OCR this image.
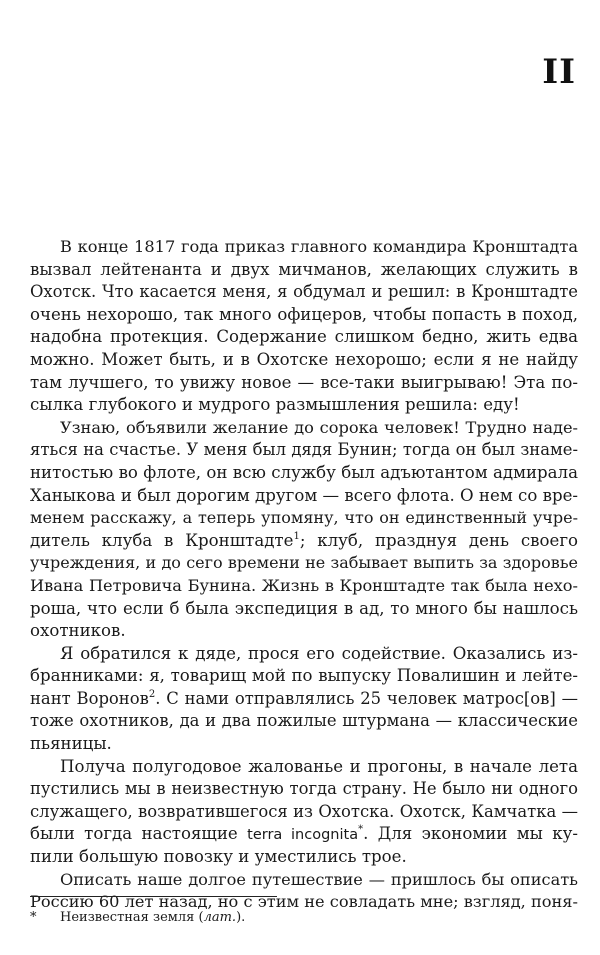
II
В конце 1817 года приказ главного командира Кронштадта
вызвал лейтенанта и двух мичманов, желающих служить в
Охотск. Что касается меня, я обдумал и решил: в Кронштадте
очень нехорошо, так много офицеров, чтобы попасть в поход,
надобна протекция. Содержание слишком бедно, жить едва
можно. Может быть, и в Охотске нехорошо; если я не найду
там лучшего, то увижу новое — все-таки выигрываю! Эта по-
сылка глубокого и мудрого размышления решила: еду!
Узнаю, объявили желание до сорока человек! Трудно наде-
яться на счастье. У меня был дядя Бунин; тогда он был знаме-
нитостью во флоте, он всю службу был адъютантом адмирала
Ханыкова и был дорогим другом — всего флота. О нем со вре-
менем расскажу, а теперь упомяну, что он единственный учре-
дитель клуба в Кронштадте$^1$; клуб, празднуя день своего
учреждения, и до сего времени не забывает выпить за здоровье
Ивана Петровича Бунина. Жизнь в Кронштадте так была нехо-
роша, что если б была экспедиция в ад, то много бы нашлось
охотников.
Я обратился к дяде, прося его содействие. Оказались из-
бранниками: я, товарищ мой по выпуску Повалишин и лейте-
нант Воронов$^2$. С нами отправлялись 25 человек матрос[ов] —
тоже охотников, да и два пожилые штурмана — классические
пьяницы.
Получа полугодовое жалованье и прогоны, в начале лета
пустились мы в неизвестную тогда страну. Не было ни одного
служащего, возвратившегося из Охотска. Охотск, Камчатка —
были тогда настоящие terra incognita*. Для экономии мы ку-
пили большую повозку и уместились трое.
Описать наше долгое путешествие — пришлось бы описать
Россию 60 лет назад, но с этим не совладать мне; взгляд, поня-
* Неизвестная земля (лат.).
